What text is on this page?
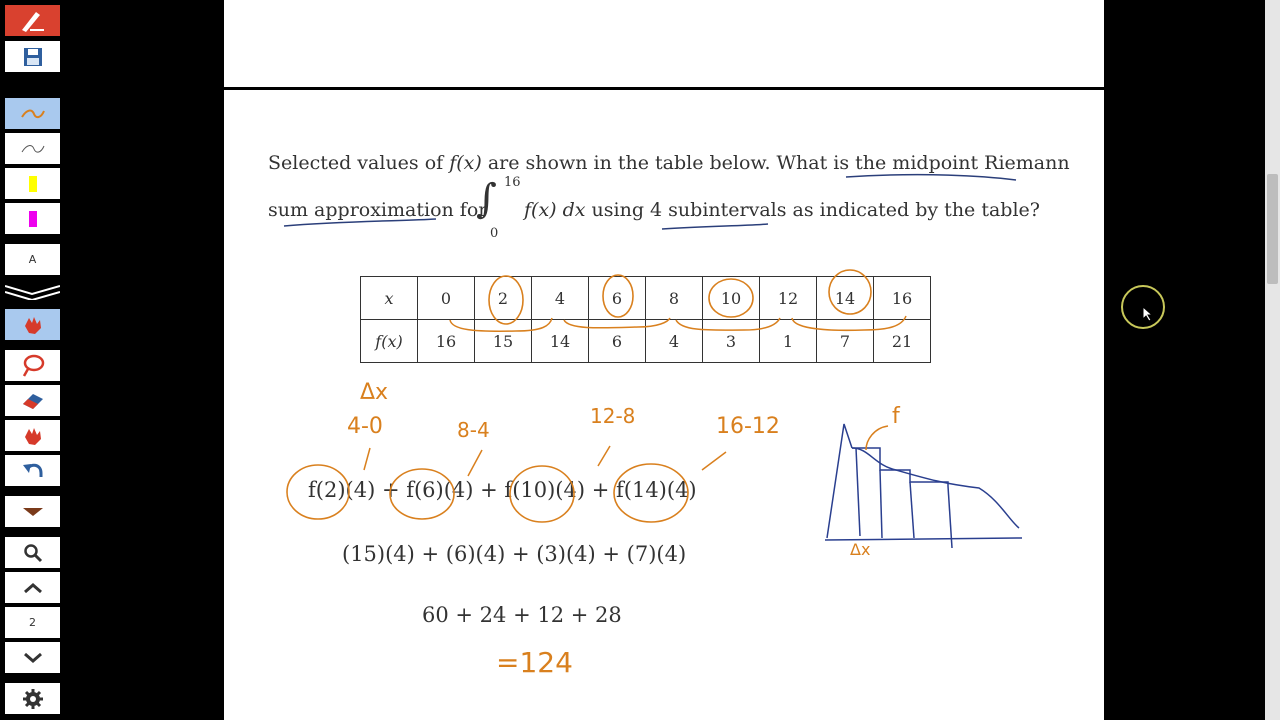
A
2
Selected values of f(x) are shown in the table below. What is the midpoint Riemann
sum approximation for
∫ 16
0
f(x) dx using 4 subintervals as indicated by the table?
x	0	2	4	6	8	10	12	14	16
f(x)	16	15	14	6	4	3	1	7	21
f(2)(4) + f(6)(4) + f(10)(4) + f(14)(4)
(15)(4) + (6)(4) + (3)(4) + (7)(4)
60 + 24 + 12 + 28
Δx
4-0	8-4
12-8	16-12
=124
f
Δx
